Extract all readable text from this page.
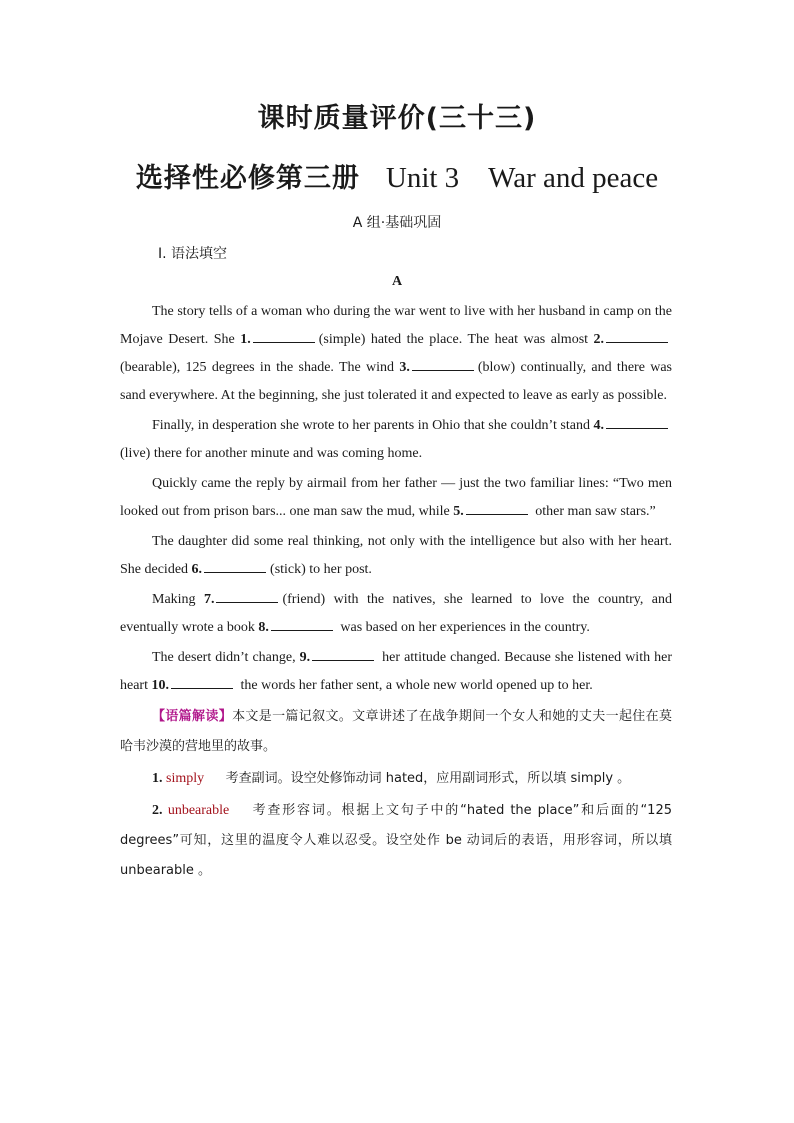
课时质量评价(三十三)
选择性必修第三册 Unit 3　War and peace
A 组·基础巩固
Ⅰ. 语法填空
A

The story tells of a woman who during the war went to live with her husband in camp on the Mojave Desert. She 1.	(simple) hated the place. The heat was almost 2.(bearable), 125 degrees in the shade. The wind 3.	(blow) continually, and there was sand everywhere. At the beginning, she just tolerated it and expected to leave as early as possible.

Finally, in desperation she wrote to her parents in Ohio that she couldn’t stand 4.(live) there for another minute and was coming home.

Quickly came the reply by airmail from her father — just the two familiar lines: “Two men looked out from prison bars... one man saw the mud, while 5.	other man saw stars.”

The daughter did some real thinking, not only with the intelligence but also with her heart. She decided 6.	(stick) to her post.

Making 7.	(friend) with the natives, she learned to love the country, and eventually wrote a book 8.	was based on her experiences in the country.

The desert didn’t change, 9.	her attitude changed. Because she listened with her heart 10.	the words her father sent, a whole new world opened up to her.

【语篇解读】本文是一篇记叙文。文章讲述了在战争期间一个女人和她的丈夫一起住在莫哈韦沙漠的营地里的故事。

1. simply 考查副词。设空处修饰动词 hated，应用副词形式，所以填 simply 。

2. unbearable 考查形容词。根据上文句子中的“hated the place”和后面的“125 degrees”可知，这里的温度令人难以忍受。设空处作 be 动词后的表语，用形容词，所以填 unbearable 。
